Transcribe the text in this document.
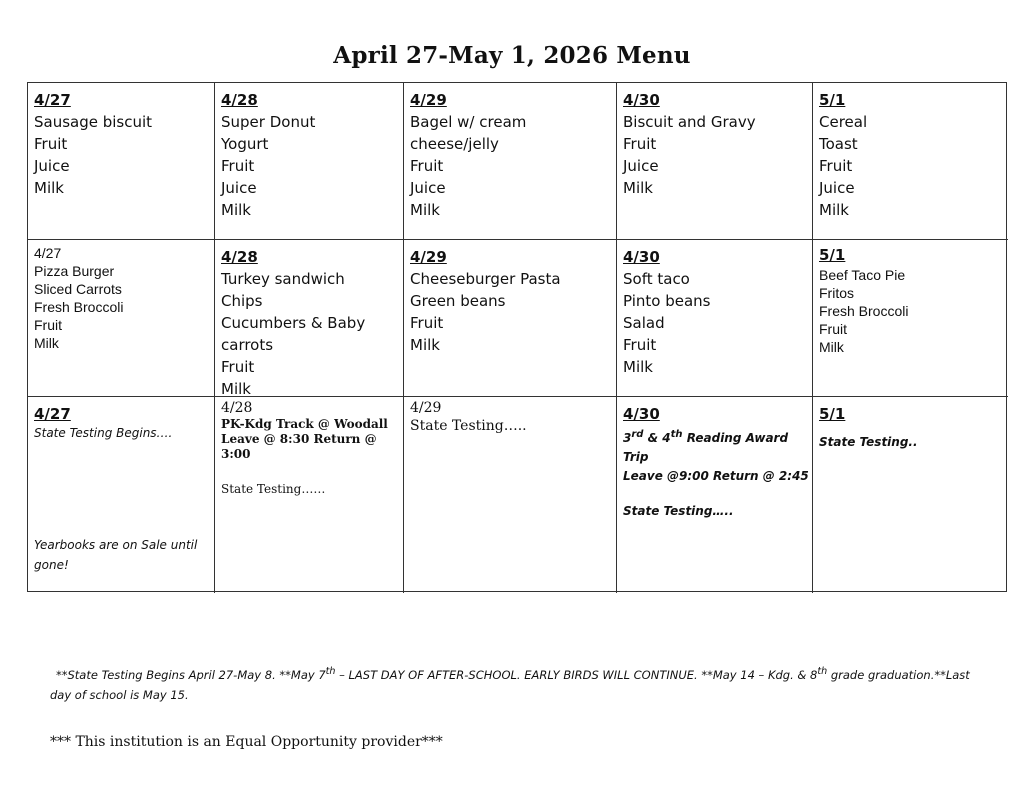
April 27-May 1, 2026 Menu
4/27
Sausage biscuit
Fruit
Juice
Milk
4/28
Super Donut
Yogurt
Fruit
Juice
Milk
4/29
Bagel w/ cream
cheese/jelly
Fruit
Juice
Milk
4/30
Biscuit and Gravy
Fruit
Juice
Milk
5/1
Cereal
Toast
Fruit
Juice
Milk
4/27
Pizza Burger
Sliced Carrots
Fresh Broccoli
Fruit
Milk
4/28
Turkey sandwich
Chips
Cucumbers & Baby
carrots
Fruit
Milk
4/29
Cheeseburger Pasta
Green beans
Fruit
Milk
4/30
Soft taco
Pinto beans
Salad
Fruit
Milk
5/1
Beef Taco Pie
Fritos
Fresh Broccoli
Fruit
Milk
4/27
State Testing Begins….
Yearbooks are on Sale until gone!
4/28
PK-Kdg Track @ Woodall Leave @ 8:30 Return @ 3:00
State Testing……
4/29
State Testing…..
4/30
3rd & 4th Reading Award Trip
Leave @9:00 Return @ 2:45
State Testing…..
5/1
State Testing..
**State Testing Begins April 27-May 8. **May 7th – LAST DAY OF AFTER-SCHOOL. EARLY BIRDS WILL CONTINUE. **May 14 – Kdg. & 8th grade graduation.**Last
day of school is May 15.
*** This institution is an Equal Opportunity provider***
